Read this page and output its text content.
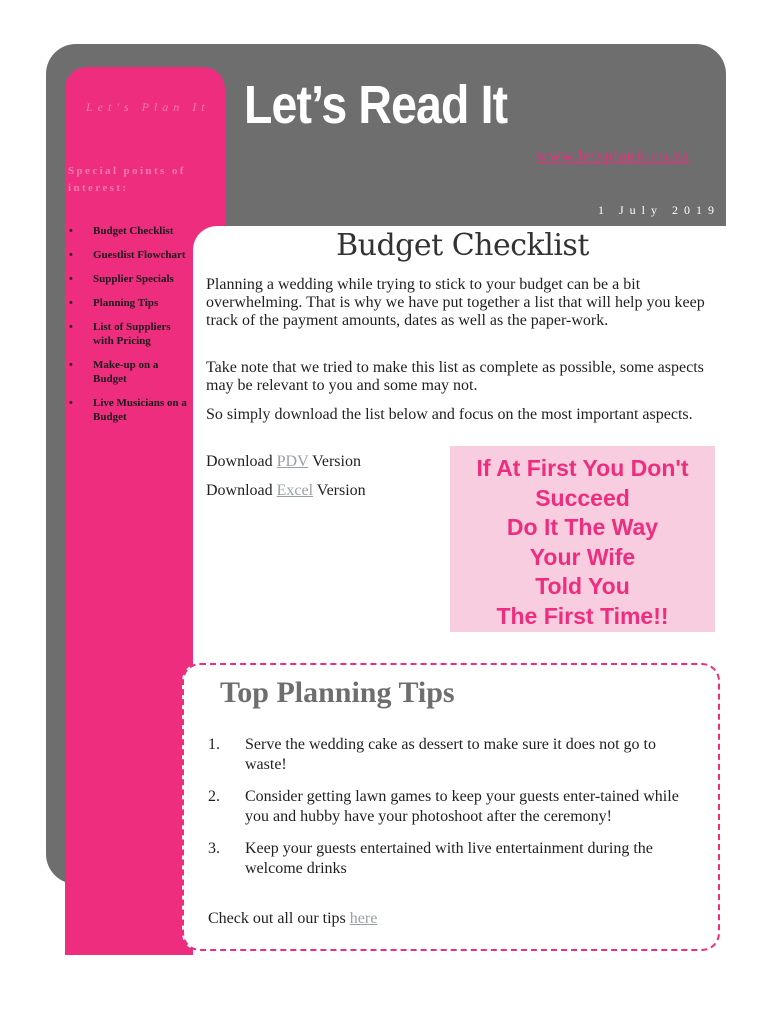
Let's Plan It
Special points of interest:
• Budget Checklist
• Guestlist Flowchart
• Supplier Specials
• Planning Tips
• List of Suppliers with Pricing
• Make-up on a Budget
• Live Musicians on a Budget
Let’s Read It
www.letsplanit.co.za
1 July 2019
Budget Checklist

Planning a wedding while trying to stick to your budget can be a bit overwhelming. That is why we have put together a list that will help you keep track of the payment amounts, dates as well as the paper-work.

Take note that we tried to make this list as complete as possible, some aspects may be relevant to you and some may not.

So simply download the list below and focus on the most important aspects.

Download PDV Version
Download Excel Version
If At First You Don't
Succeed
Do It The Way
Your Wife
Told You
The First Time!!
Top Planning Tips
1. Serve the wedding cake as dessert to make sure it does not go to waste!
2. Consider getting lawn games to keep your guests enter-tained while you and hubby have your photoshoot after the ceremony!
3. Keep your guests entertained with live entertainment during the welcome drinks
Check out all our tips here
